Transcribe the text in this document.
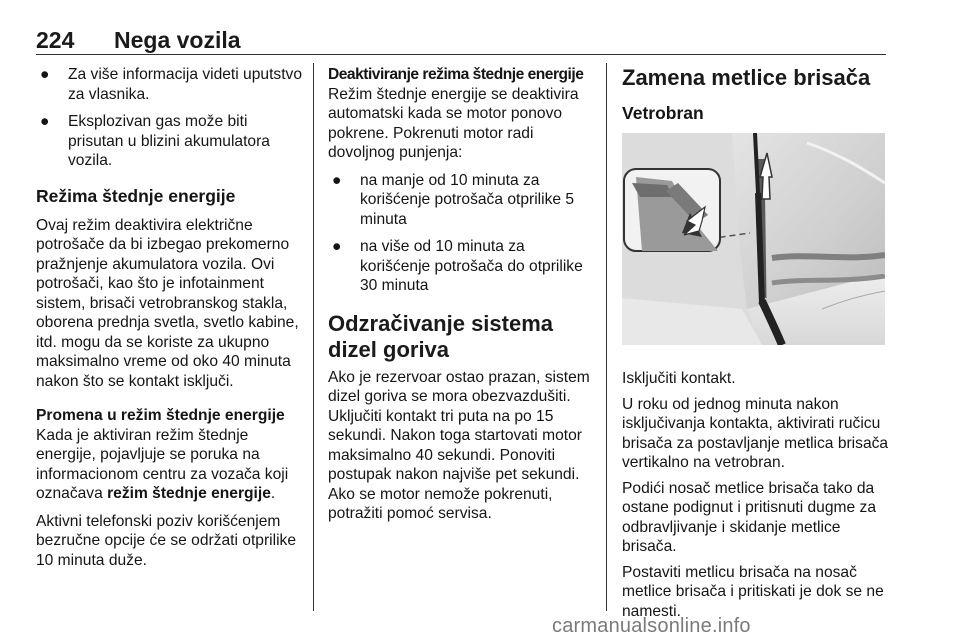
224 Nega vozila
● Za više informacija videti uputstvo za vlasnika.
● Eksplozivan gas može biti prisutan u blizini akumulatora vozila.

Režima štednje energije

Ovaj režim deaktivira električne potrošače da bi izbegao prekomerno pražnjenje akumulatora vozila. Ovi potrošači, kao što je infotainment sistem, brisači vetrobranskog stakla, oborena prednja svetla, svetlo kabine, itd. mogu da se koriste za ukupno maksimalno vreme od oko 40 minuta nakon što se kontakt isključi.

Promena u režim štednje energije

Kada je aktiviran režim štednje energije, pojavljuje se poruka na informacionom centru za vozača koji označava režim štednje energije.

Aktivni telefonski poziv korišćenjem bezručne opcije će se održati otprilike 10 minuta duže.

Deaktiviranje režima štednje energije

Režim štednje energije se deaktivira automatski kada se motor ponovo pokrene. Pokrenuti motor radi dovoljnog punjenja:

● na manje od 10 minuta za korišćenje potrošača otprilike 5 minuta
● na više od 10 minuta za korišćenje potrošača do otprilike 30 minuta

Odzračivanje sistema dizel goriva

Ako je rezervoar ostao prazan, sistem dizel goriva se mora obezvazdušiti. Uključiti kontakt tri puta na po 15 sekundi. Nakon toga startovati motor maksimalno 40 sekundi. Ponoviti postupak nakon najviše pet sekundi. Ako se motor nemože pokrenuti, potražiti pomoć servisa.

Zamena metlice brisača

Vetrobran

Isključiti kontakt.

U roku od jednog minuta nakon isključivanja kontakta, aktivirati ručicu brisača za postavljanje metlica brisača vertikalno na vetrobran.

Podići nosač metlice brisača tako da ostane podignut i pritisnuti dugme za odbravljivanje i skidanje metlice brisača.

Postaviti metlicu brisača na nosač metlice brisača i pritiskati je dok se ne namesti.

carmanualsonline.info
